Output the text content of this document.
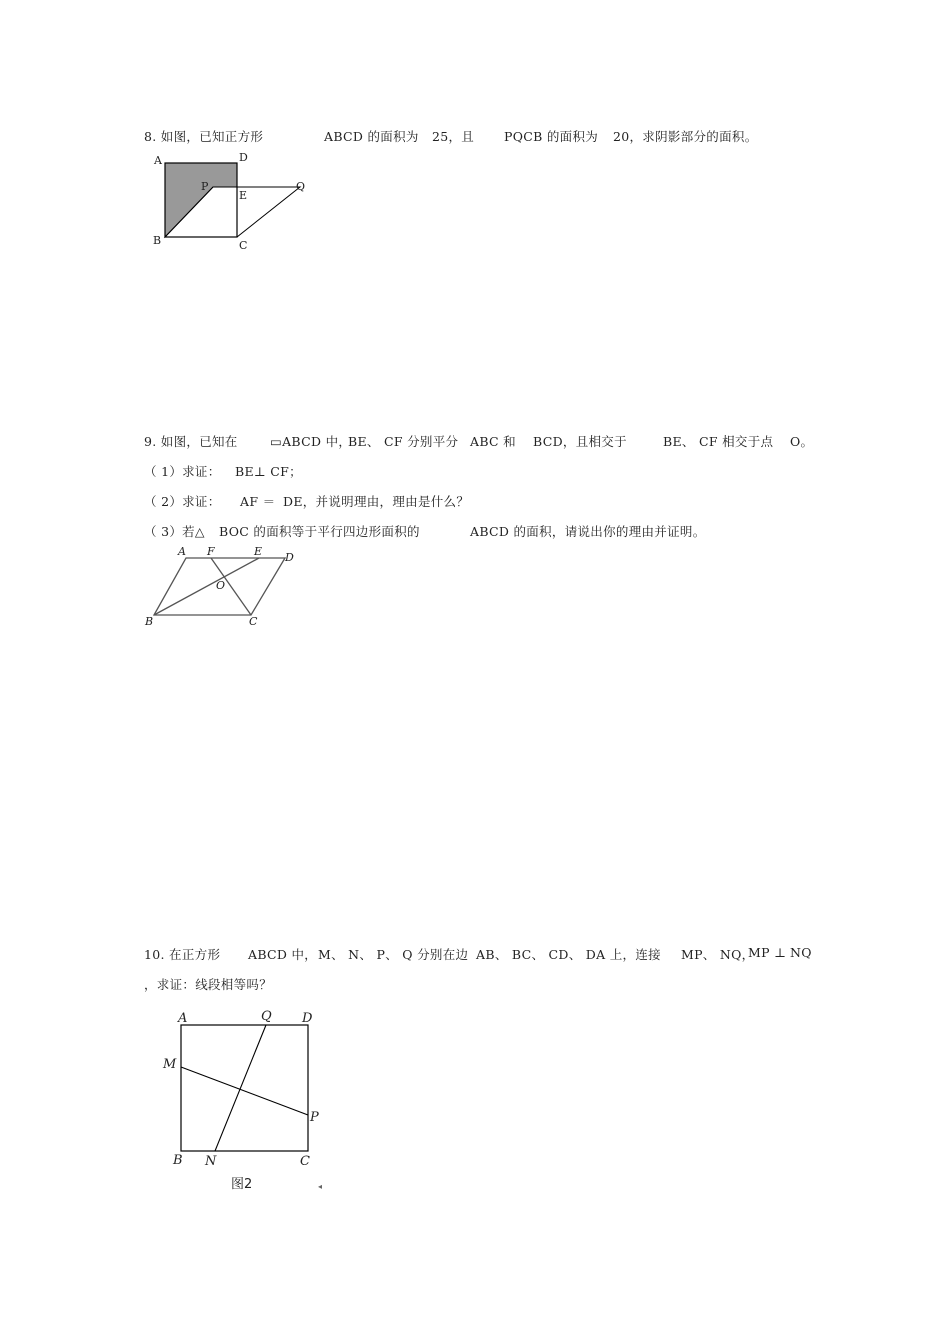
8. 如图，已知正方形	ABCD 的面积为 25，且 PQCB 的面积为 20，求阴影部分的面积。
A	D
P	Q
E
B	C
9. 如图，已知在	▭ABCD 中，
BE、 CF 分别平分 ABC 和 BCD，且相交于	BE、 CF 相交于点 O。
（ 1）求证： BE⊥ CF；
（ 2）求证： AF ＝ DE，并说明理由，理由是什么？
（ 3）若△ BOC 的面积等于平行四边形面积的	ABCD 的面积，请说出你的理由并证明。
A F	E D
O
B	C
10. 在正方形 ABCD 中， M、 N、 P、 Q 分别在边 AB、 BC、 CD、 DA 上，连接 MP、 NQ，
MP ⊥ NQ
，求证：线段相等吗？
A	Q D
M
P
B N	C
图2	◂
